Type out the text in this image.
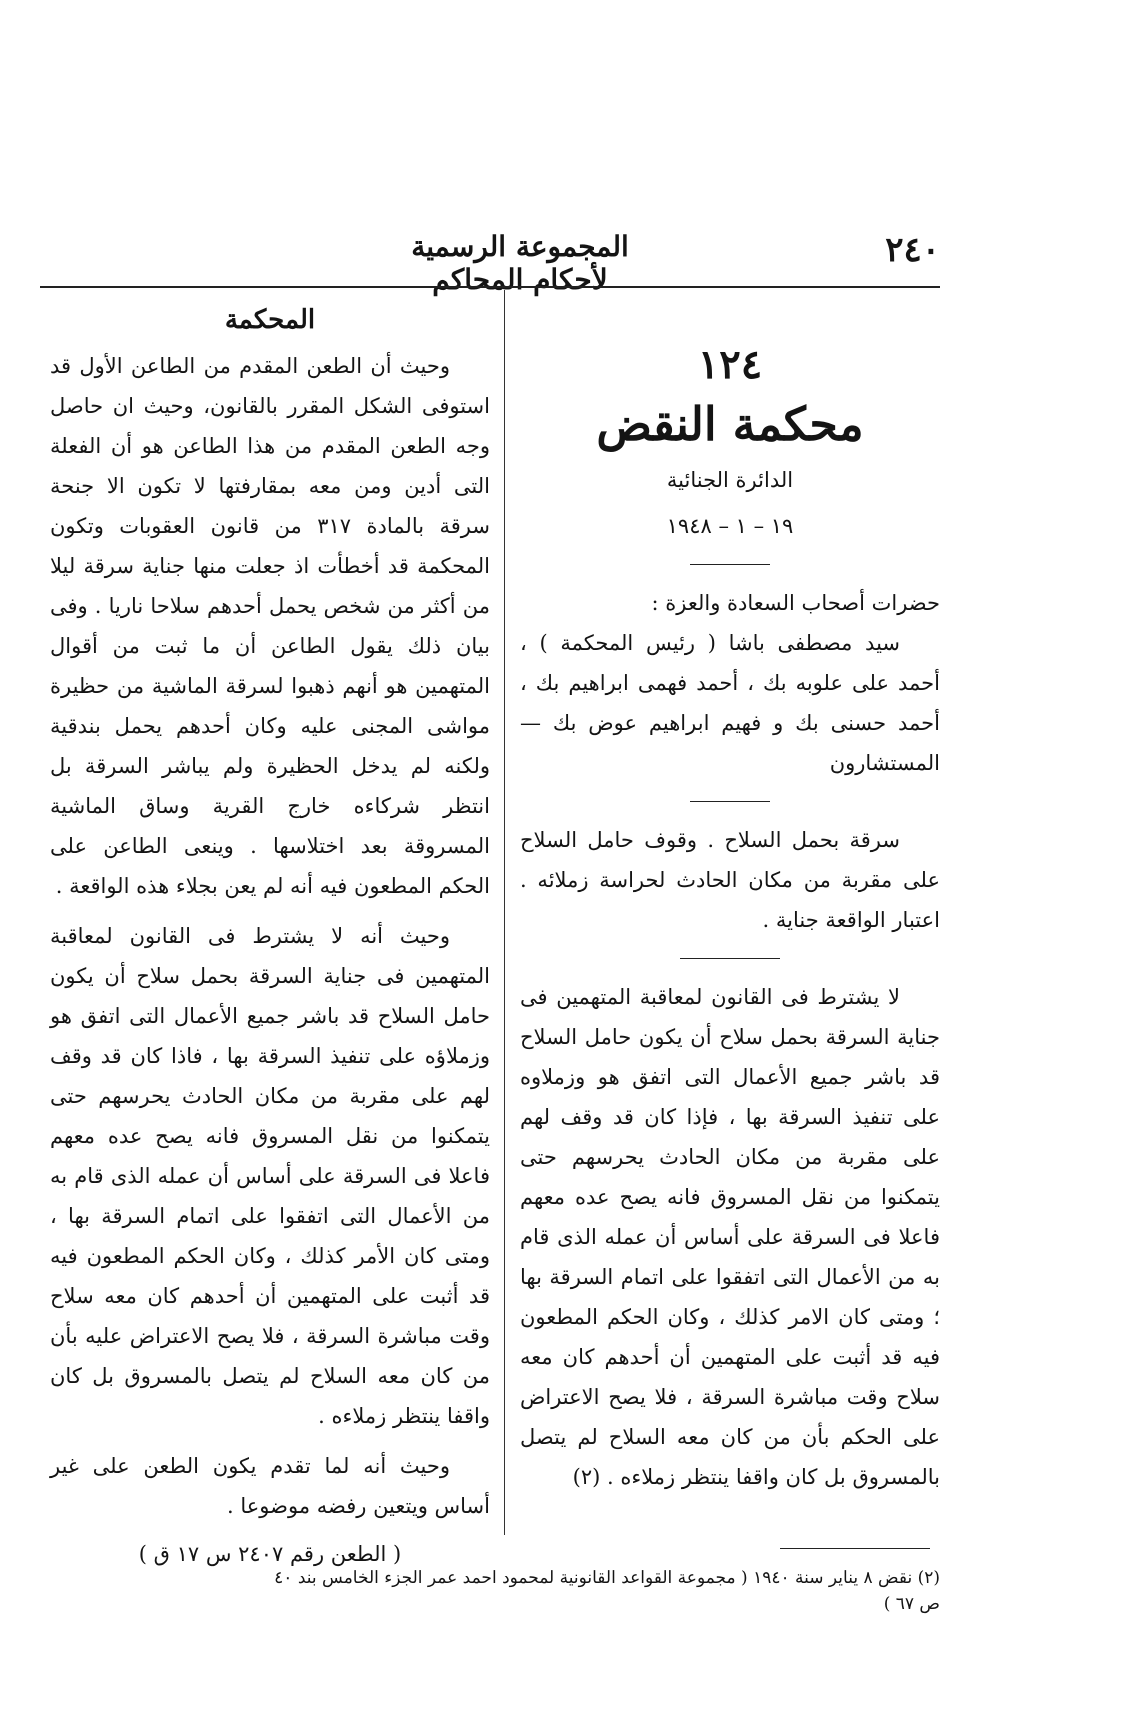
٢٤٠
المجموعة الرسمية لأحكام المحاكم
١٢٤
محكمة النقض
الدائرة الجنائية
١٩ – ١ – ١٩٤٨

حضرات أصحاب السعادة والعزة :

سيد مصطفى باشا ( رئيس المحكمة ) ، أحمد على علوبه بك ، أحمد فهمى ابراهيم بك ، أحمد حسنى بك و فهيم ابراهيم عوض بك — المستشارون

سرقة بحمل السلاح . وقوف حامل السلاح على مقربة من مكان الحادث لحراسة زملائه . اعتبار الواقعة جناية .

لا يشترط فى القانون لمعاقبة المتهمين فى جناية السرقة بحمل سلاح أن يكون حامل السلاح قد باشر جميع الأعمال التى اتفق هو وزملاوه على تنفيذ السرقة بها ، فإذا كان قد وقف لهم على مقربة من مكان الحادث يحرسهم حتى يتمكنوا من نقل المسروق فانه يصح عده معهم فاعلا فى السرقة على أساس أن عمله الذى قام به من الأعمال التى اتفقوا على اتمام السرقة بها ؛ ومتى كان الامر كذلك ، وكان الحكم المطعون فيه قد أثبت على المتهمين أن أحدهم كان معه سلاح وقت مباشرة السرقة ، فلا يصح الاعتراض على الحكم بأن من كان معه السلاح لم يتصل بالمسروق بل كان واقفا ينتظر زملاءه . (٢)

المحكمة

وحيث أن الطعن المقدم من الطاعن الأول قد استوفى الشكل المقرر بالقانون، وحيث ان حاصل وجه الطعن المقدم من هذا الطاعن هو أن الفعلة التى أدين ومن معه بمقارفتها لا تكون الا جنحة سرقة بالمادة ٣١٧ من قانون العقوبات وتكون المحكمة قد أخطأت اذ جعلت منها جناية سرقة ليلا من أكثر من شخص يحمل أحدهم سلاحا ناريا . وفى بيان ذلك يقول الطاعن أن ما ثبت من أقوال المتهمين هو أنهم ذهبوا لسرقة الماشية من حظيرة مواشى المجنى عليه وكان أحدهم يحمل بندقية ولكنه لم يدخل الحظيرة ولم يباشر السرقة بل انتظر شركاءه خارج القرية وساق الماشية المسروقة بعد اختلاسها . وينعى الطاعن على الحكم المطعون فيه أنه لم يعن بجلاء هذه الواقعة .

وحيث أنه لا يشترط فى القانون لمعاقبة المتهمين فى جناية السرقة بحمل سلاح أن يكون حامل السلاح قد باشر جميع الأعمال التى اتفق هو وزملاؤه على تنفيذ السرقة بها ، فاذا كان قد وقف لهم على مقربة من مكان الحادث يحرسهم حتى يتمكنوا من نقل المسروق فانه يصح عده معهم فاعلا فى السرقة على أساس أن عمله الذى قام به من الأعمال التى اتفقوا على اتمام السرقة بها ، ومتى كان الأمر كذلك ، وكان الحكم المطعون فيه قد أثبت على المتهمين أن أحدهم كان معه سلاح وقت مباشرة السرقة ، فلا يصح الاعتراض عليه بأن من كان معه السلاح لم يتصل بالمسروق بل كان واقفا ينتظر زملاءه .

وحيث أنه لما تقدم يكون الطعن على غير أساس ويتعين رفضه موضوعا .

( الطعن رقم ٢٤٠٧ س ١٧ ق )

(٢) نقض ٨ يناير سنة ١٩٤٠ ( مجموعة القواعد القانونية لمحمود احمد عمر الجزء الخامس بند ٤٠ ص ٦٧ )
